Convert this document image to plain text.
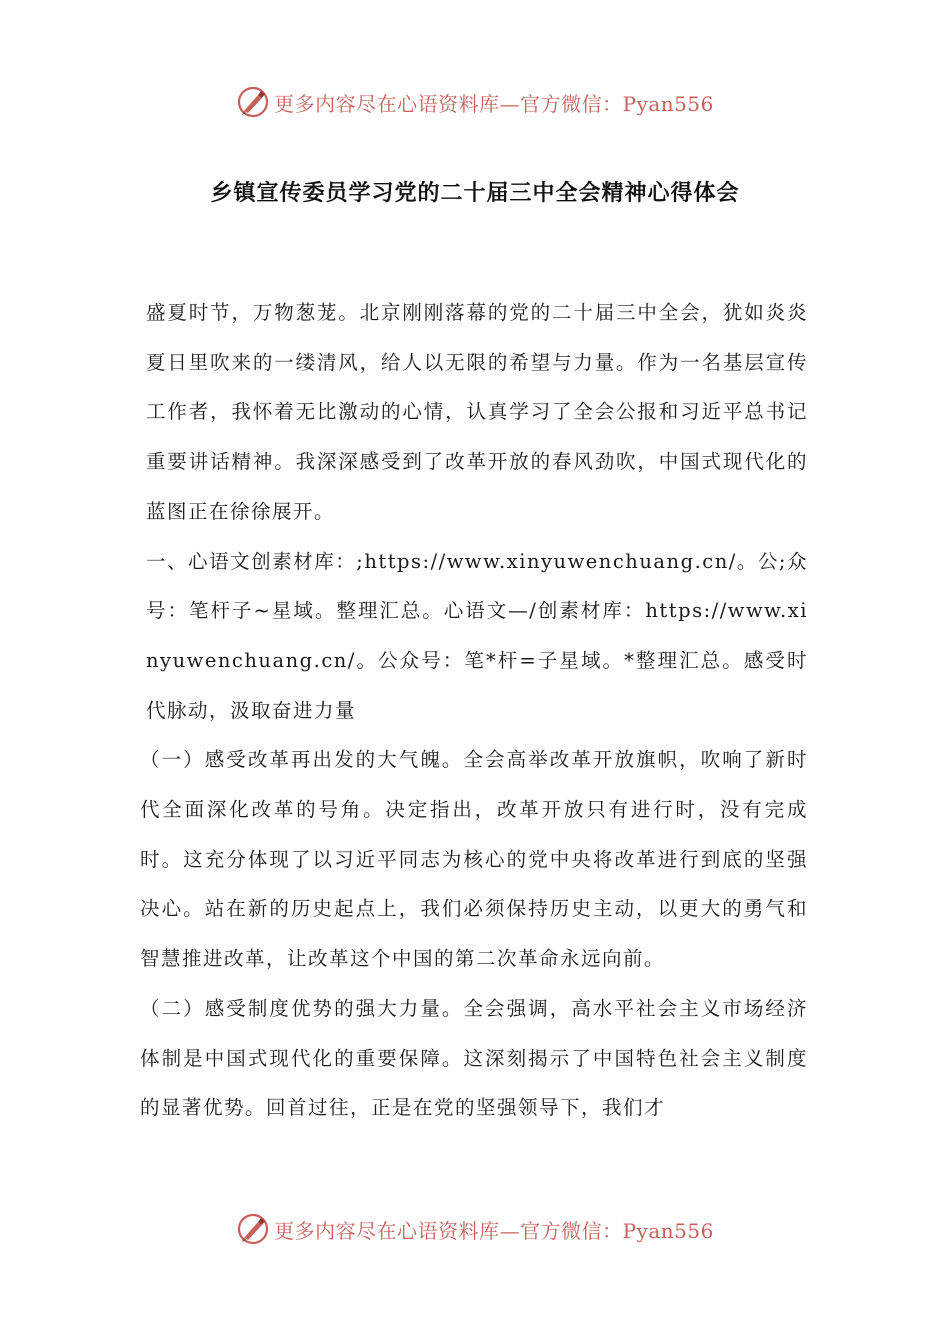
更多内容尽在心语资料库—官方微信：Pyan556
乡镇宣传委员学习党的二十届三中全会精神心得体会

盛夏时节，万物葱茏。北京刚刚落幕的党的二十届三中全会，犹如炎炎夏日里吹来的一缕清风，给人以无限的希望与力量。作为一名基层宣传工作者，我怀着无比激动的心情，认真学习了全会公报和习近平总书记重要讲话精神。我深深感受到了改革开放的春风劲吹，中国式现代化的蓝图正在徐徐展开。

一、心语文创素材库：;https://www.xinyuwenchuang.cn/。公;众号：笔杆子~星域。整理汇总。心语文—/创素材库：https://www.xinyuwenchuang.cn/。公众号：笔*杆=子星域。*整理汇总。感受时代脉动，汲取奋进力量

（一）感受改革再出发的大气魄。全会高举改革开放旗帜，吹响了新时代全面深化改革的号角。决定指出，改革开放只有进行时，没有完成时。这充分体现了以习近平同志为核心的党中央将改革进行到底的坚强决心。站在新的历史起点上，我们必须保持历史主动，以更大的勇气和智慧推进改革，让改革这个中国的第二次革命永远向前。

（二）感受制度优势的强大力量。全会强调，高水平社会主义市场经济体制是中国式现代化的重要保障。这深刻揭示了中国特色社会主义制度的显著优势。回首过往，正是在党的坚强领导下，我们才

更多内容尽在心语资料库—官方微信：Pyan556
